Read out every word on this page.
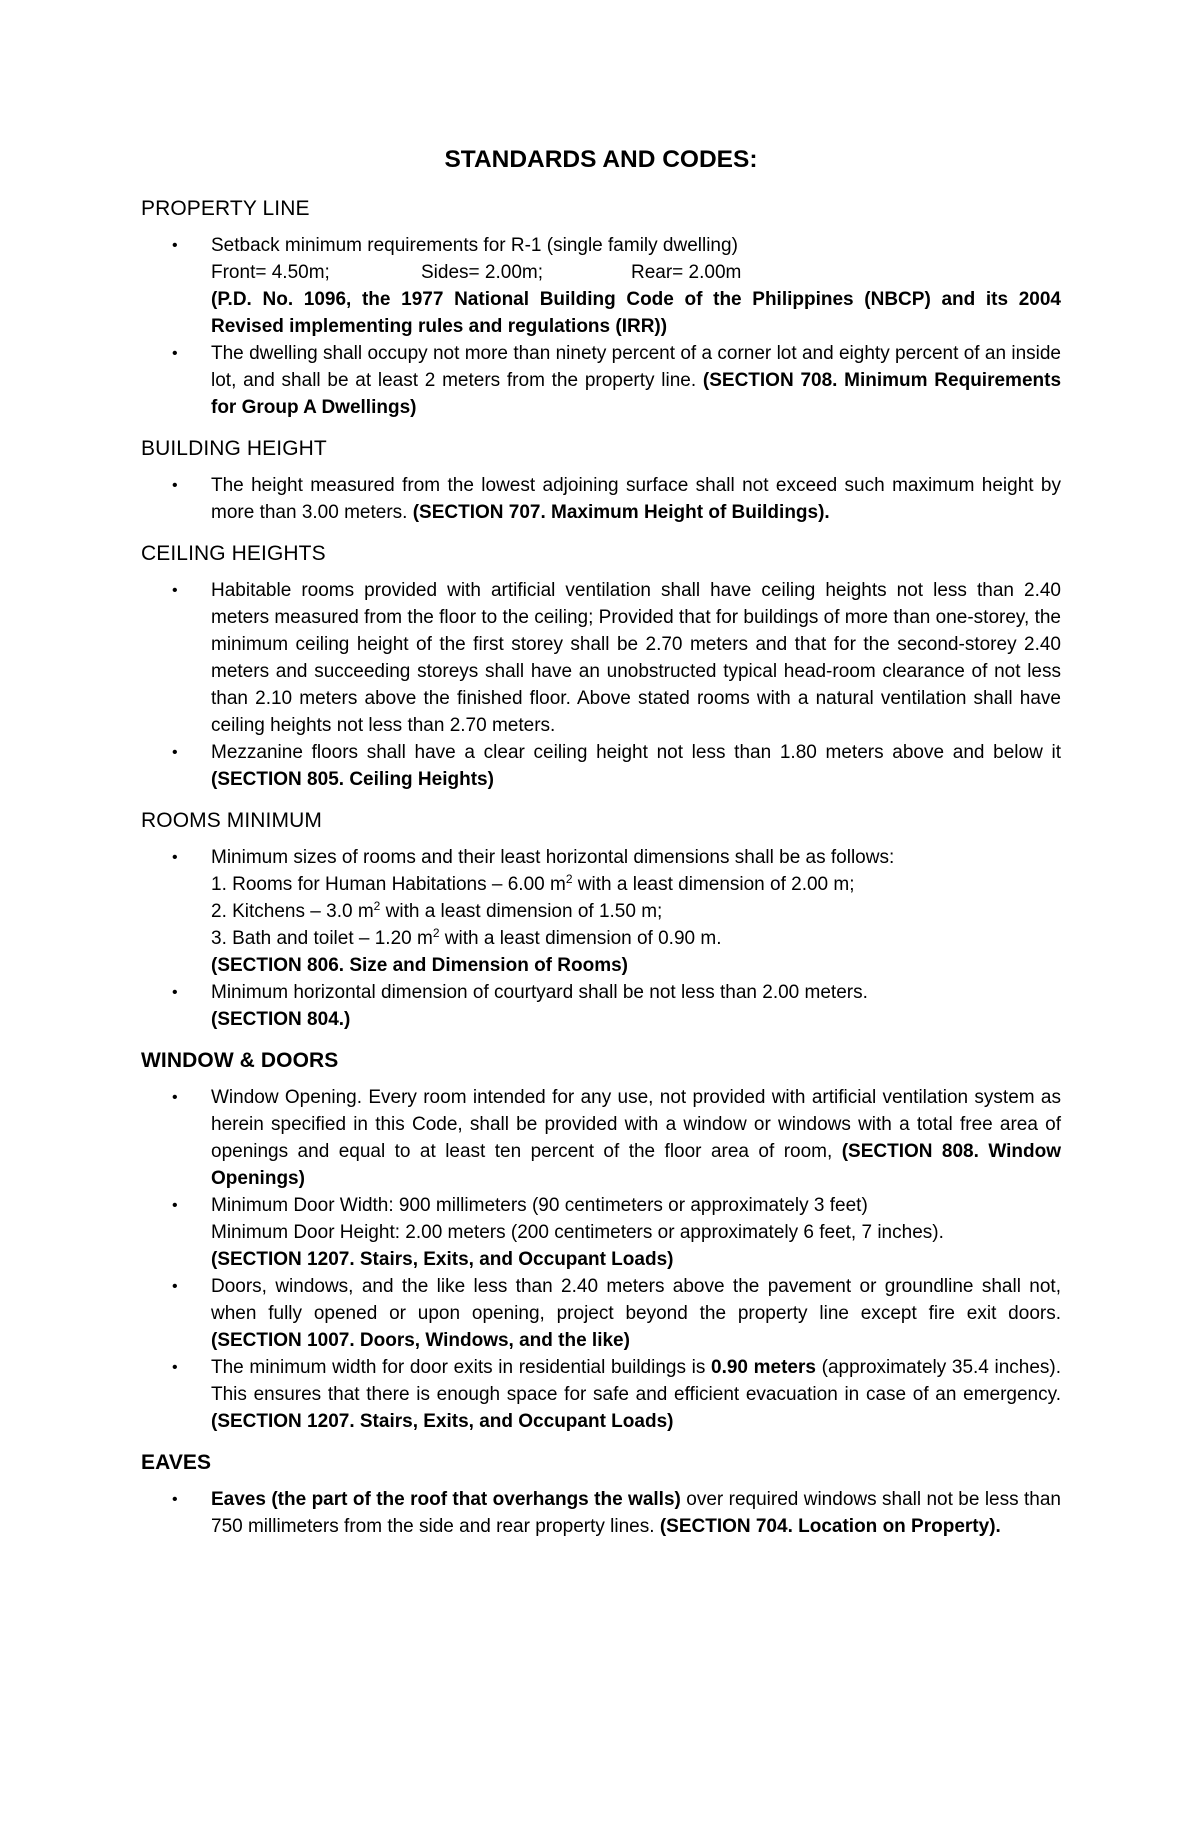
STANDARDS AND CODES:
PROPERTY LINE
• Setback minimum requirements for R-1 (single family dwelling)
Front= 4.50m;	Sides= 2.00m;	Rear= 2.00m
(P.D. No. 1096, the 1977 National Building Code of the Philippines (NBCP) and its 2004 Revised implementing rules and regulations (IRR))
• The dwelling shall occupy not more than ninety percent of a corner lot and eighty percent of an inside lot, and shall be at least 2 meters from the property line. (SECTION 708. Minimum Requirements for Group A Dwellings)
BUILDING HEIGHT
• The height measured from the lowest adjoining surface shall not exceed such maximum height by more than 3.00 meters. (SECTION 707. Maximum Height of Buildings).
CEILING HEIGHTS
• Habitable rooms provided with artificial ventilation shall have ceiling heights not less than 2.40 meters measured from the floor to the ceiling; Provided that for buildings of more than one-storey, the minimum ceiling height of the first storey shall be 2.70 meters and that for the second-storey 2.40 meters and succeeding storeys shall have an unobstructed typical head-room clearance of not less than 2.10 meters above the finished floor. Above stated rooms with a natural ventilation shall have ceiling heights not less than 2.70 meters.
• Mezzanine floors shall have a clear ceiling height not less than 1.80 meters above and below it (SECTION 805. Ceiling Heights)
ROOMS MINIMUM
• Minimum sizes of rooms and their least horizontal dimensions shall be as follows:
1. Rooms for Human Habitations – 6.00 $m^2$ with a least dimension of 2.00 m;
2. Kitchens – 3.0 $m^2$ with a least dimension of 1.50 m;
3. Bath and toilet – 1.20 $m^2$ with a least dimension of 0.90 m.
(SECTION 806. Size and Dimension of Rooms)
• Minimum horizontal dimension of courtyard shall be not less than 2.00 meters.
(SECTION 804.)
WINDOW & DOORS
• Window Opening. Every room intended for any use, not provided with artificial ventilation system as herein specified in this Code, shall be provided with a window or windows with a total free area of openings and equal to at least ten percent of the floor area of room, (SECTION 808. Window Openings)
• Minimum Door Width: 900 millimeters (90 centimeters or approximately 3 feet)
Minimum Door Height: 2.00 meters (200 centimeters or approximately 6 feet, 7 inches).
(SECTION 1207. Stairs, Exits, and Occupant Loads)
• Doors, windows, and the like less than 2.40 meters above the pavement or groundline shall not, when fully opened or upon opening, project beyond the property line except fire exit doors. (SECTION 1007. Doors, Windows, and the like)
• The minimum width for door exits in residential buildings is 0.90 meters (approximately 35.4 inches). This ensures that there is enough space for safe and efficient evacuation in case of an emergency. (SECTION 1207. Stairs, Exits, and Occupant Loads)
EAVES
• Eaves (the part of the roof that overhangs the walls) over required windows shall not be less than 750 millimeters from the side and rear property lines. (SECTION 704. Location on Property).
